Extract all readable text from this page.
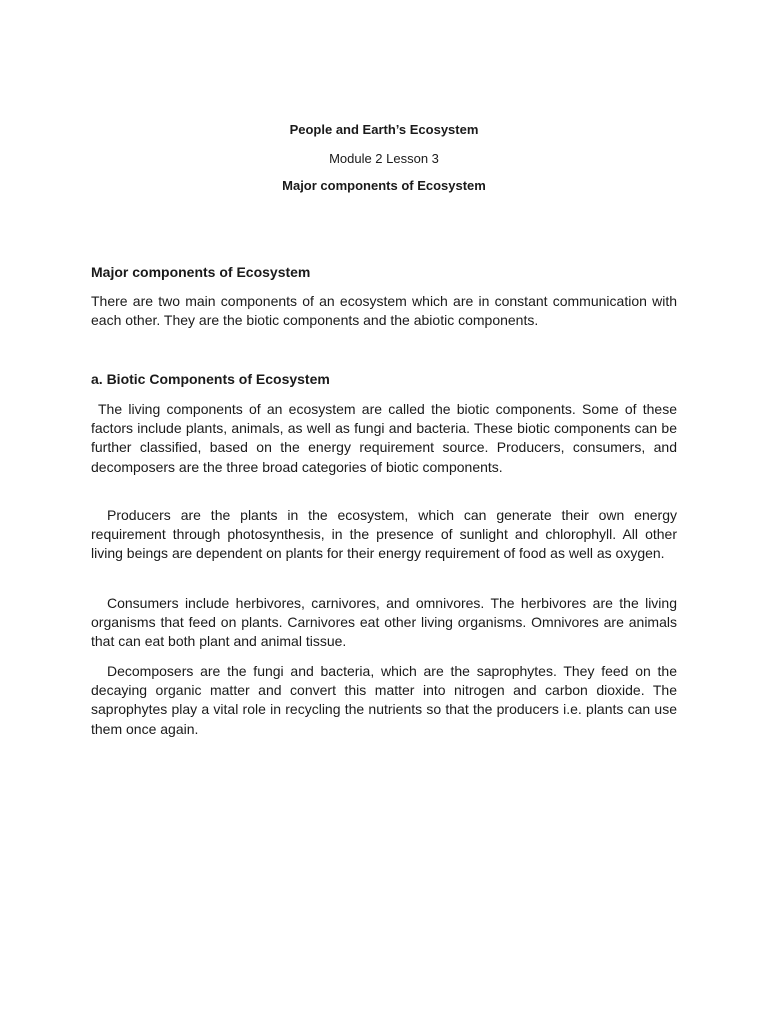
People and Earth’s Ecosystem
Module 2 Lesson 3
Major components of Ecosystem
Major components of Ecosystem

There are two main components of an ecosystem which are in constant communication with each other. They are the biotic components and the abiotic components.

a. Biotic Components of Ecosystem

The living components of an ecosystem are called the biotic components. Some of these factors include plants, animals, as well as fungi and bacteria. These biotic components can be further classified, based on the energy requirement source. Producers, consumers, and decomposers are the three broad categories of biotic components.

Producers are the plants in the ecosystem, which can generate their own energy requirement through photosynthesis, in the presence of sunlight and chlorophyll. All other living beings are dependent on plants for their energy requirement of food as well as oxygen.

Consumers include herbivores, carnivores, and omnivores. The herbivores are the living organisms that feed on plants. Carnivores eat other living organisms. Omnivores are animals that can eat both plant and animal tissue.

Decomposers are the fungi and bacteria, which are the saprophytes. They feed on the decaying organic matter and convert this matter into nitrogen and carbon dioxide. The saprophytes play a vital role in recycling the nutrients so that the producers i.e. plants can use them once again.
